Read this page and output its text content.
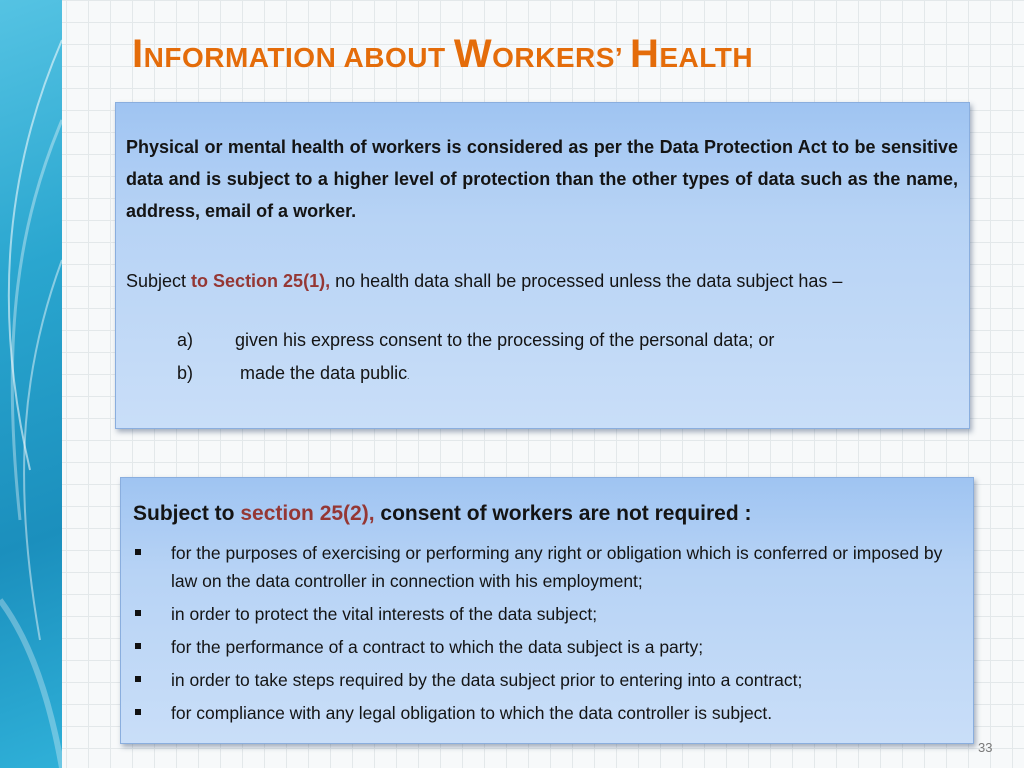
INFORMATION ABOUT WORKERS’ HEALTH

Physical or mental health of workers is considered as per the Data Protection Act to be sensitive data and is subject to a higher level of protection than the other types of data such as the name, address, email of a worker.

Subject to Section 25(1), no health data shall be processed unless the data subject has –

a) given his express consent to the processing of the personal data; or
b) made the data public.

Subject to section 25(2), consent of workers are not required :

for the purposes of exercising or performing any right or obligation which is conferred or imposed by law on the data controller in connection with his employment;
in order to protect the vital interests of the data subject;
for the performance of a contract to which the data subject is a party;
in order to take steps required by the data subject prior to entering into a contract;
for compliance with any legal obligation to which the data controller is subject.
33
